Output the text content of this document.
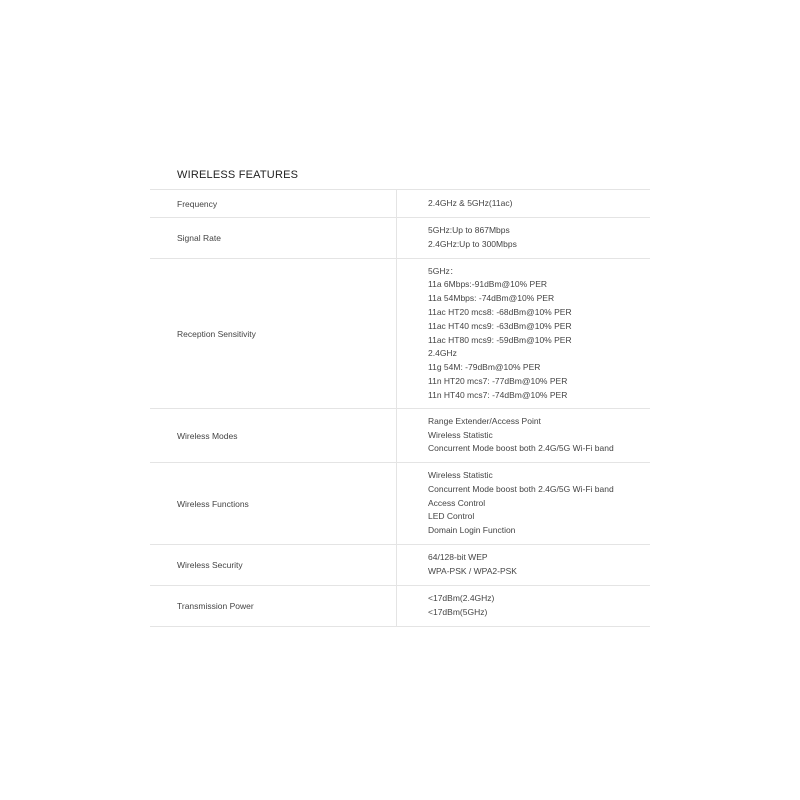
WIRELESS FEATURES
Frequency	2.4GHz & 5GHz(11ac)
Signal Rate
5GHz:Up to 867Mbps
2.4GHz:Up to 300Mbps
Reception Sensitivity
5GHz：
11a 6Mbps:-91dBm@10% PER
11a 54Mbps: -74dBm@10% PER
11ac HT20 mcs8: -68dBm@10% PER
11ac HT40 mcs9: -63dBm@10% PER
11ac HT80 mcs9: -59dBm@10% PER
2.4GHz
11g 54M: -79dBm@10% PER
11n HT20 mcs7: -77dBm@10% PER
11n HT40 mcs7: -74dBm@10% PER
Wireless Modes
Range Extender/Access Point
Wireless Statistic
Concurrent Mode boost both 2.4G/5G Wi-Fi band
Wireless Functions
Wireless Statistic
Concurrent Mode boost both 2.4G/5G Wi-Fi band
Access Control
LED Control
Domain Login Function
Wireless Security
64/128-bit WEP
WPA-PSK / WPA2-PSK
Transmission Power
<17dBm(2.4GHz)
<17dBm(5GHz)
